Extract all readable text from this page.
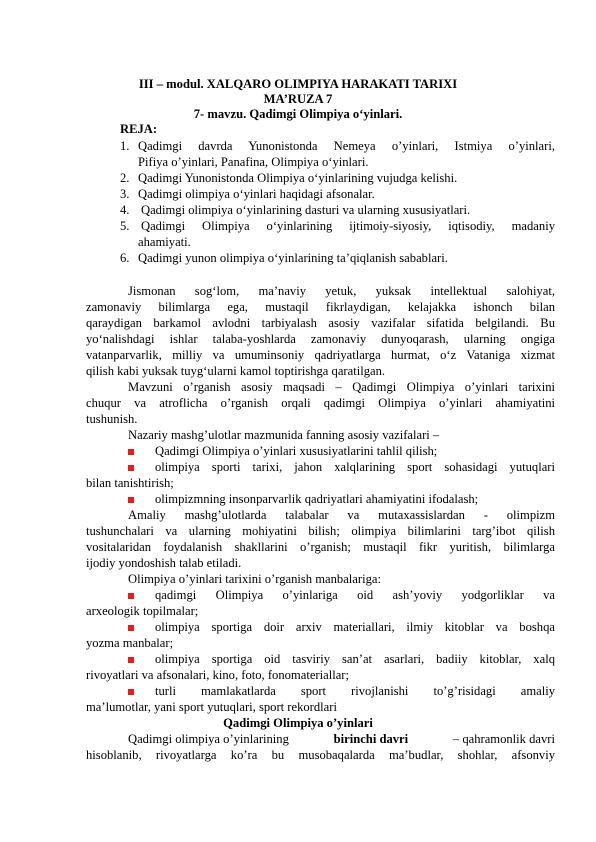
III – modul. XALQARO OLIMPIYA HARAKATI TARIXI
MA’RUZA 7
7- mavzu. Qadimgi Olimpiya o‘yinlari.
REJA:
1. Qadimgi davrda Yunonistonda Nemeya o’yinlari, Istmiya o’yinlari,
Pifiya o’yinlari, Panafina, Olimpiya o‘yinlari.
2. Qadimgi Yunonistonda Olimpiya o‘yinlarining vujudga kelishi.
3. Qadimgi olimpiya o‘yinlari haqidagi afsonalar.
4. Qadimgi olimpiya o‘yinlarining dasturi va ularning xususiyatlari.
5. Qadimgi Olimpiya o‘yinlarining ijtimoiy-siyosiy, iqtisodiy, madaniy
ahamiyati.
6. Qadimgi yunon olimpiya o‘yinlarining ta’qiqlanish sabablari.
Jismonan sog‘lom, ma’naviy yetuk, yuksak intellektual salohiyat,
zamonaviy bilimlarga ega, mustaqil fikrlaydigan, kelajakka ishonch bilan
qaraydigan barkamol avlodni tarbiyalash asosiy vazifalar sifatida belgilandi. Bu
yo‘nalishdagi ishlar talaba-yoshlarda zamonaviy dunyoqarash, ularning ongiga
vatanparvarlik, milliy va umuminsoniy qadriyatlarga hurmat, o‘z Vataniga xizmat
qilish kabi yuksak tuyg‘ularni kamol toptirishga qaratilgan.
Mavzuni o’rganish asosiy maqsadi – Qadimgi Olimpiya o’yinlari tarixini
chuqur va atroflicha o’rganish orqali qadimgi Olimpiya o’yinlari ahamiyatini
tushunish.
Nazariy mashg’ulotlar mazmunida fanning asosiy vazifalari –
Qadimgi Olimpiya o’yinlari xususiyatlarini tahlil qilish;
olimpiya sporti tarixi, jahon xalqlarining sport sohasidagi yutuqlari
bilan tanishtirish;
olimpizmning insonparvarlik qadriyatlari ahamiyatini ifodalash;
Amaliy mashg’ulotlarda talabalar va mutaxassislardan - olimpizm
tushunchalari va ularning mohiyatini bilish; olimpiya bilimlarini targ’ibot qilish
vositalaridan foydalanish shakllarini o’rganish; mustaqil fikr yuritish, bilimlarga
ijodiy yondoshish talab etiladi.
Olimpiya o’yinlari tarixini o’rganish manbalariga:
qadimgi Olimpiya o’yinlariga oid ash’yoviy yodgorliklar va
arxeologik topilmalar;
olimpiya sportiga doir arxiv materiallari, ilmiy kitoblar va boshqa
yozma manbalar;
olimpiya sportiga oid tasviriy san’at asarlari, badiiy kitoblar, xalq
rivoyatlari va afsonalari, kino, foto, fonomateriallar;
turli mamlakatlarda sport rivojlanishi to’g’risidagi amaliy
ma’lumotlar, yani sport yutuqlari, sport rekordlari
Qadimgi Olimpiya o’yinlari
Qadimgi olimpiya o’yinlarining	birinchi davri	– qahramonlik davri
hisoblanib, rivoyatlarga ko’ra bu musobaqalarda ma’budlar, shohlar, afsonviy
